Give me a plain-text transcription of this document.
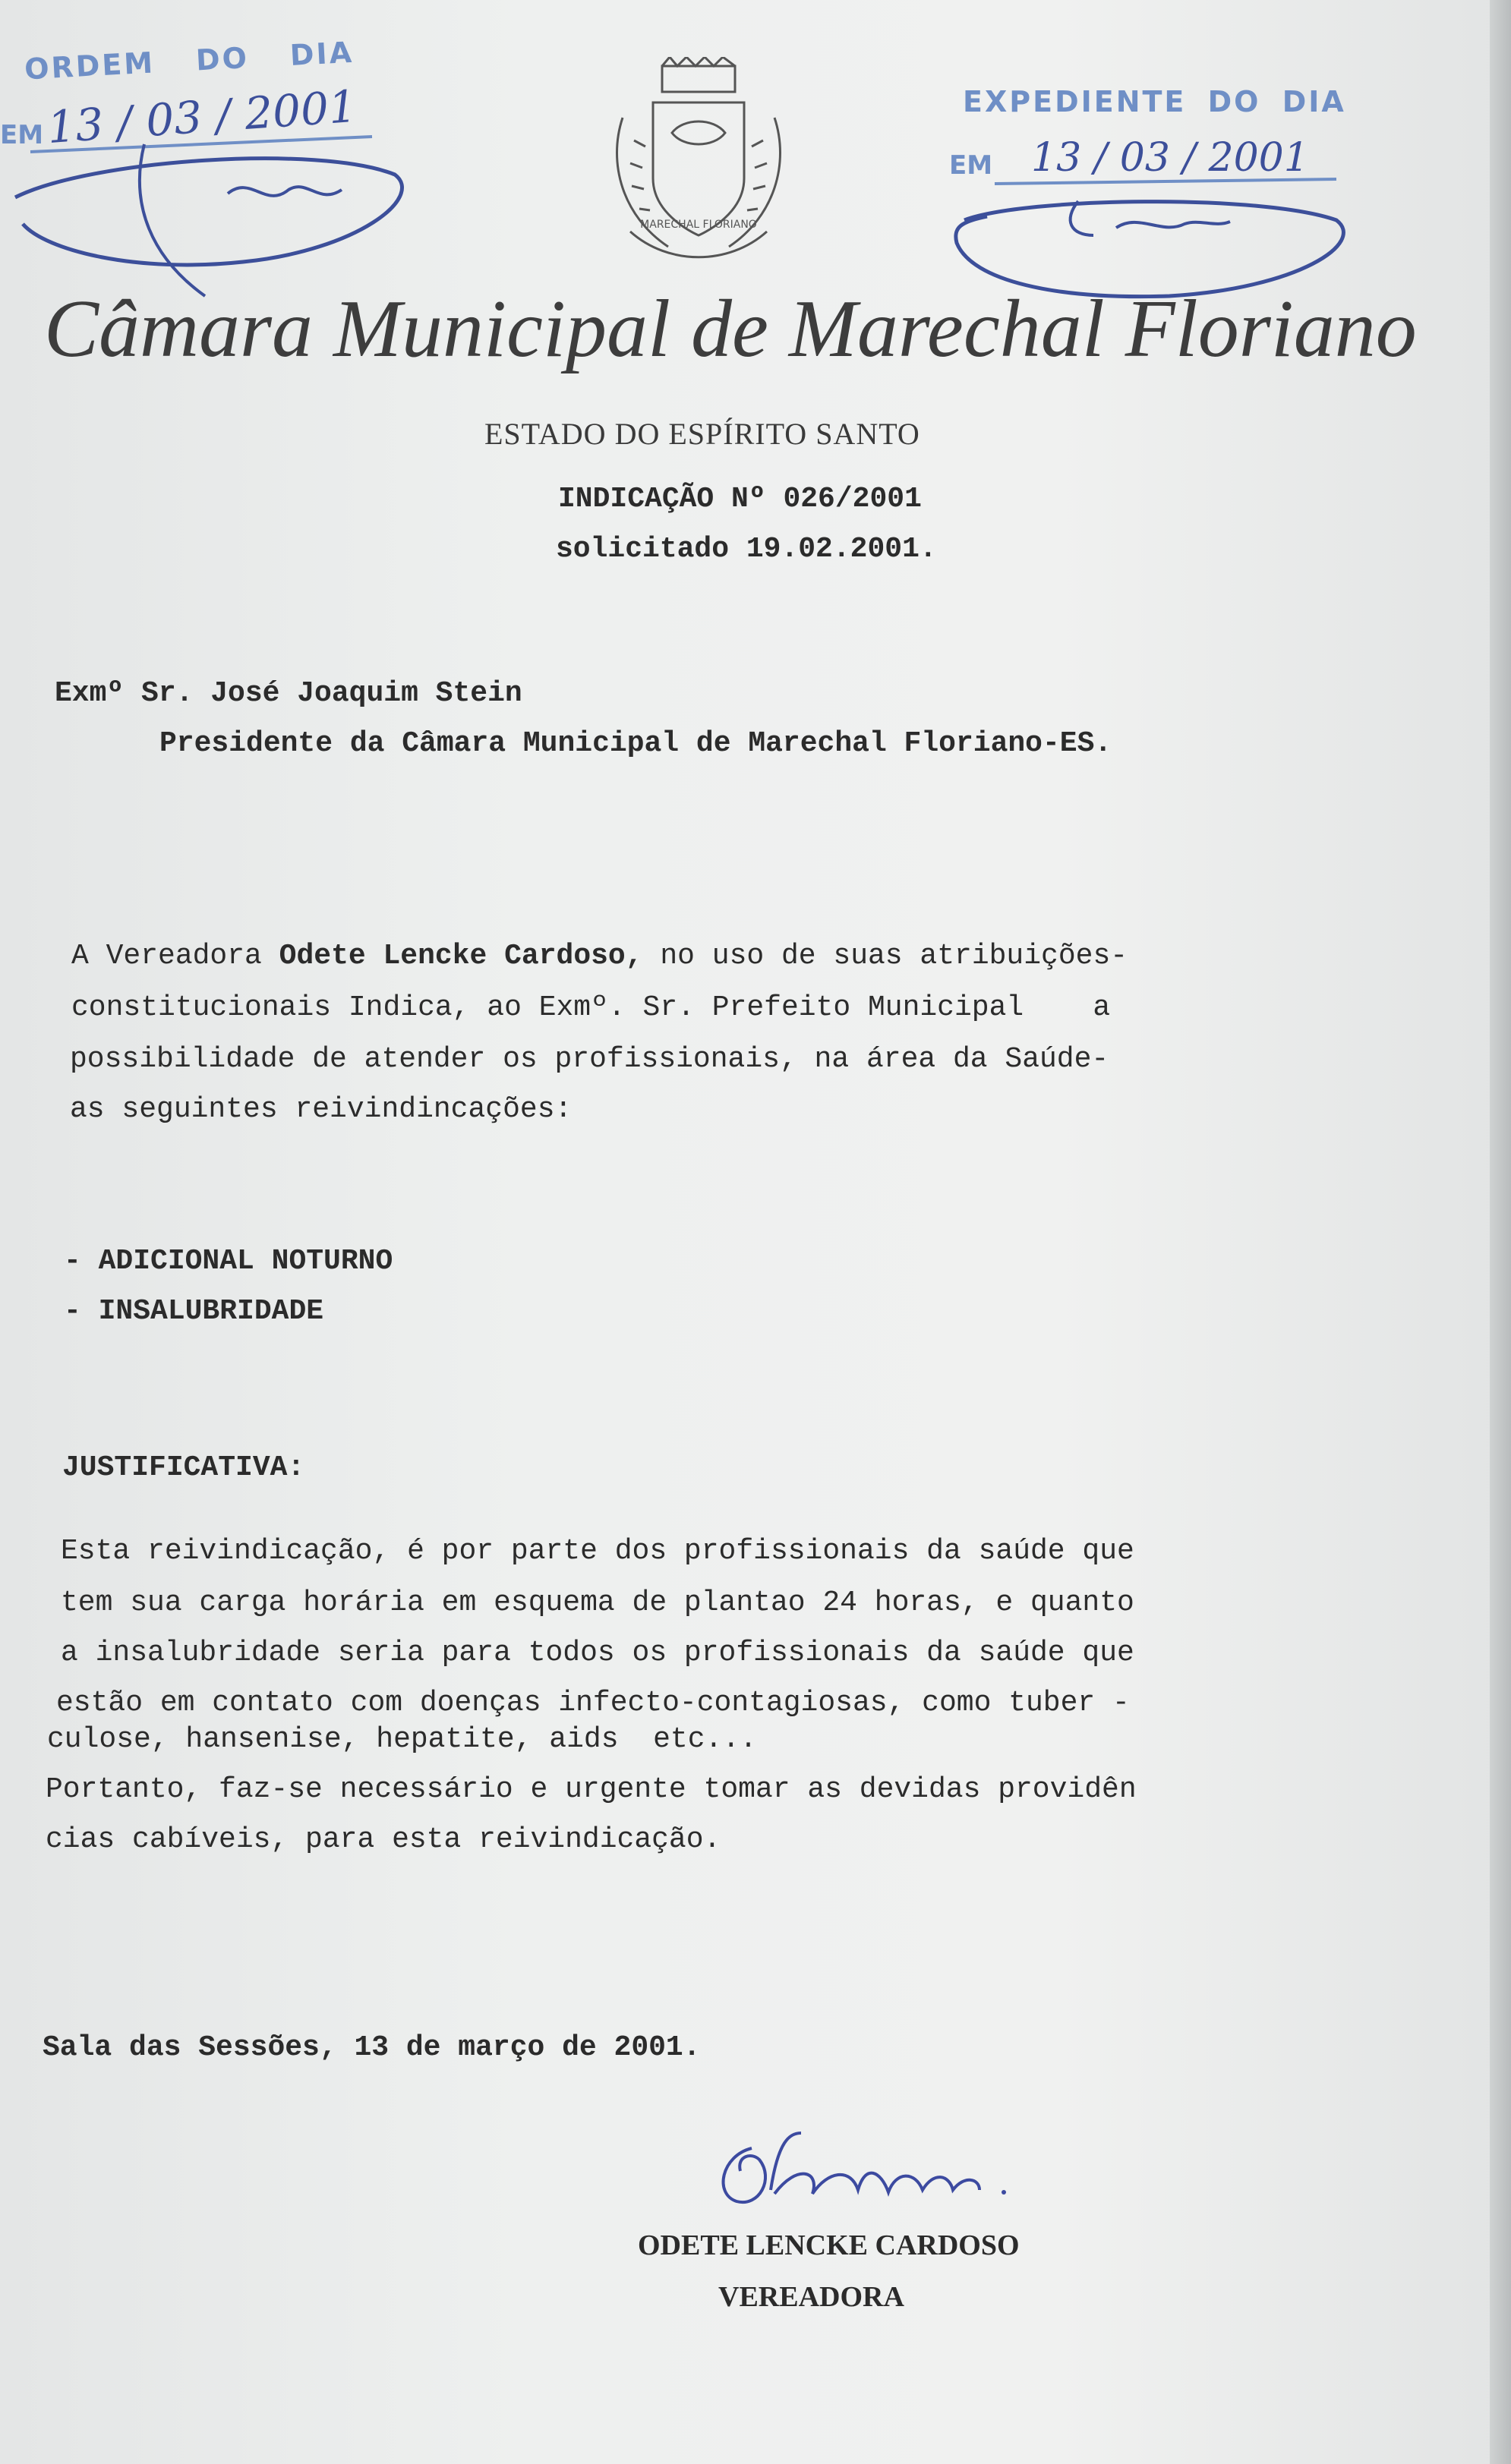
ORDEM DO DIA
EM 13 / 03 / 2001
MARECHAL FLORIANO
EXPEDIENTE DO DIA
EM 13 / 03 / 2001
Câmara Municipal de Marechal Floriano
ESTADO DO ESPÍRITO SANTO
INDICAÇÃO Nº 026/2001
solicitado 19.02.2001.
Exmº Sr. José Joaquim Stein
Presidente da Câmara Municipal de Marechal Floriano-ES.
A Vereadora Odete Lencke Cardoso, no uso de suas atribuições-
constitucionais Indica, ao Exmº. Sr. Prefeito Municipal    a
possibilidade de atender os profissionais, na área da Saúde-
as seguintes reivindincações:
- ADICIONAL NOTURNO
- INSALUBRIDADE
JUSTIFICATIVA:
Esta reivindicação, é por parte dos profissionais da saúde que
tem sua carga horária em esquema de plantao 24 horas, e quanto
a insalubridade seria para todos os profissionais da saúde que
estão em contato com doenças infecto-contagiosas, como tuber -
culose, hansenise, hepatite, aids  etc...
Portanto, faz-se necessário e urgente tomar as devidas providên
cias cabíveis, para esta reivindicação.
Sala das Sessões, 13 de março de 2001.
ODETE LENCKE CARDOSO
VEREADORA
